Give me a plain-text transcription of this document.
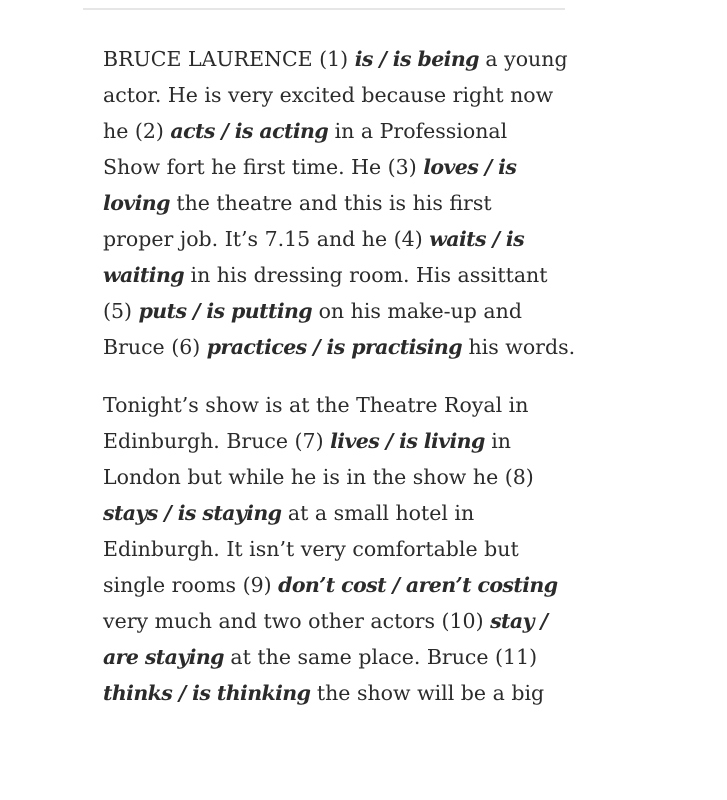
BRUCE LAURENCE (1) is / is being a young
actor. He is very excited because right now
he (2) acts / is acting in a Professional
Show fort he first time. He (3) loves / is
loving the theatre and this is his first
proper job. It’s 7.15 and he (4) waits / is
waiting in his dressing room. His assittant
(5) puts / is putting on his make-up and
Bruce (6) practices / is practising his words.

Tonight’s show is at the Theatre Royal in
Edinburgh. Bruce (7) lives / is living in
London but while he is in the show he (8)
stays / is staying at a small hotel in
Edinburgh. It isn’t very comfortable but
single rooms (9) don’t cost / aren’t costing
very much and two other actors (10) stay /
are staying at the same place. Bruce (11)
thinks / is thinking the show will be a big
